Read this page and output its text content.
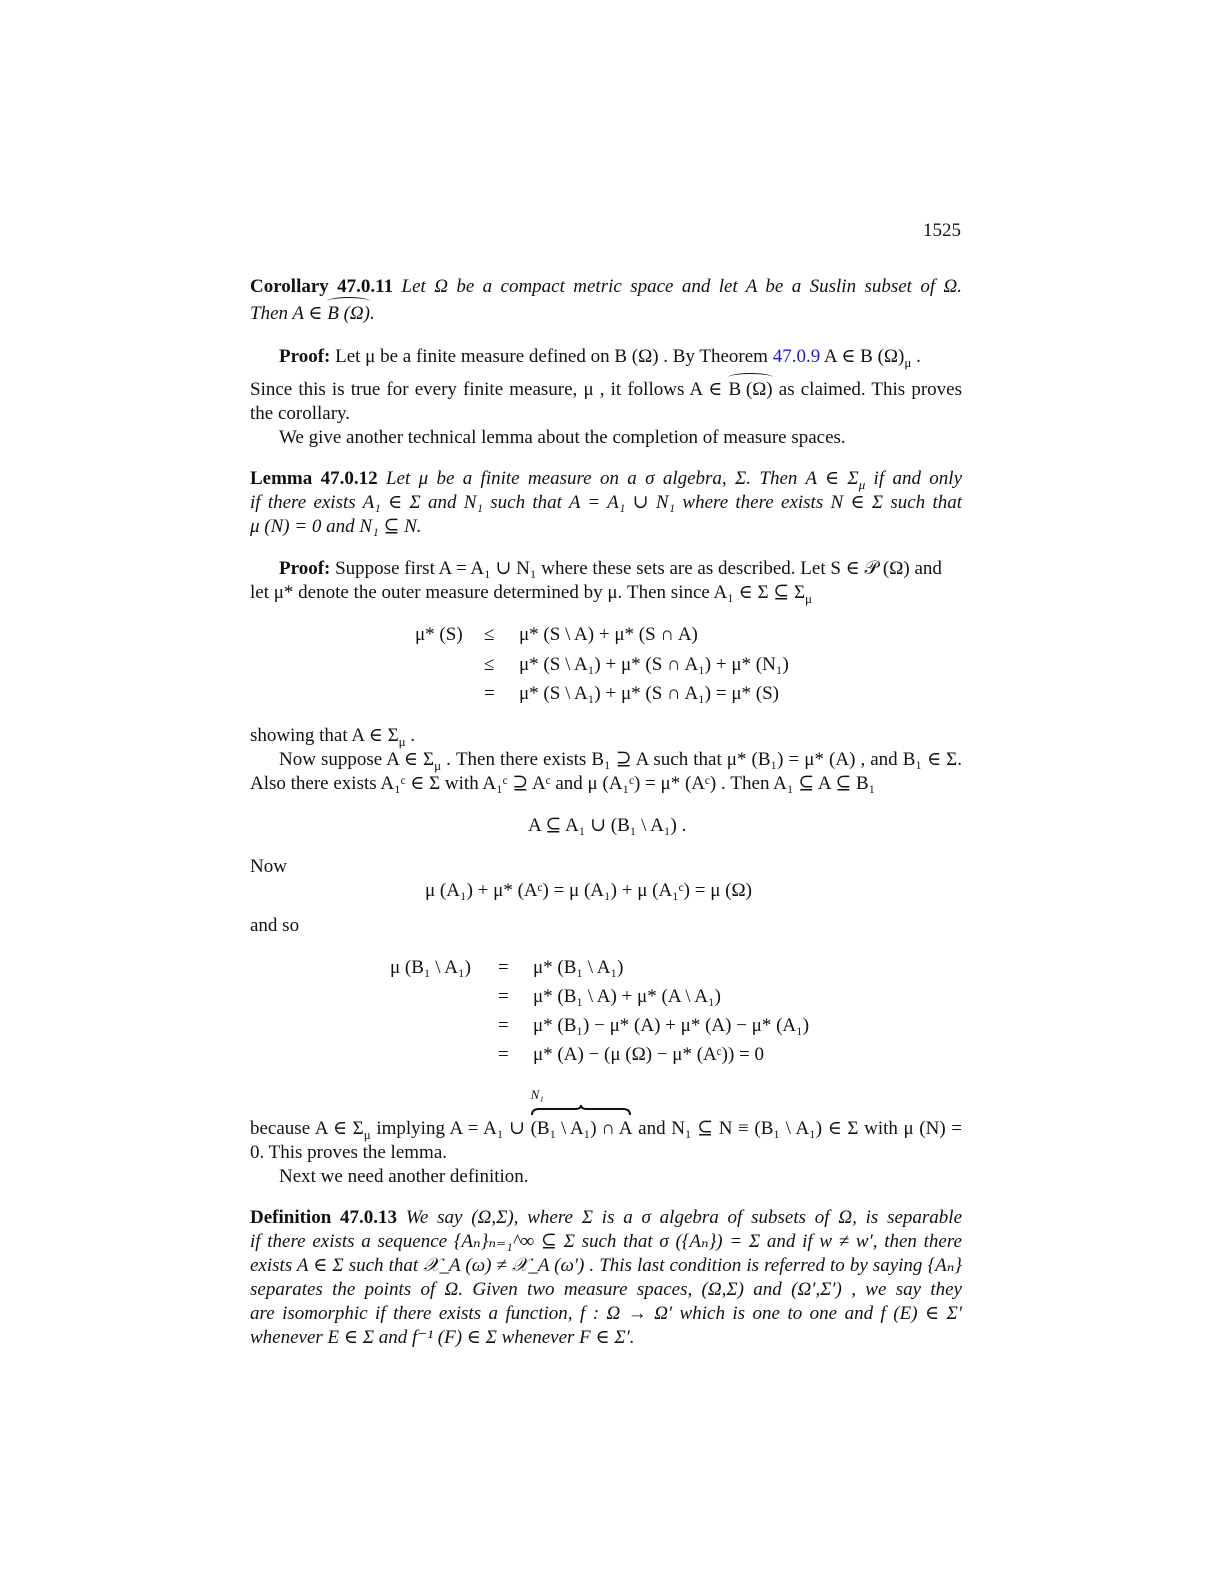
1525
Corollary 47.0.11 Let Ω be a compact metric space and let A be a Suslin subset of Ω.
Then A ∈ B (Ω).
Proof: Let μ be a finite measure defined on B (Ω) . By Theorem 47.0.9 A ∈ B $(\Omega)_\mu$ .
Since this is true for every finite measure, μ , it follows A ∈ B (Ω) as claimed. This proves
the corollary.
We give another technical lemma about the completion of measure spaces.
Lemma 47.0.12 Let μ be a finite measure on a σ algebra, Σ. Then A ∈ $\Sigma_\mu$ if and only
if there exists A₁ ∈ Σ and N₁ such that A = A₁ ∪ N₁ where there exists N ∈ Σ such that
μ (N) = 0 and N₁ ⊆ N.
Proof: Suppose first A = A₁ ∪ N₁ where these sets are as described. Let S ∈ 𝒫 (Ω) and
let μ* denote the outer measure determined by μ. Then since A₁ ∈ Σ ⊆ $\Sigma_\mu$
μ* (S) ≤ μ* (S \ A) + μ* (S ∩ A)
≤ μ* (S \ A₁) + μ* (S ∩ A₁) + μ* (N₁)
= μ* (S \ A₁) + μ* (S ∩ A₁) = μ* (S)
showing that A ∈ $\Sigma_\mu$ .
Now suppose A ∈ $\Sigma_\mu$ . Then there exists B₁ ⊇ A such that μ* (B₁) = μ* (A) , and B₁ ∈ Σ.
Also there exists A₁ᶜ ∈ Σ with A₁ᶜ ⊇ Aᶜ and μ (A₁ᶜ) = μ* (Aᶜ) . Then A₁ ⊆ A ⊆ B₁
A ⊆ A₁ ∪ (B₁ \ A₁) .
Now
μ (A₁) + μ* (Aᶜ) = μ (A₁) + μ (A₁ᶜ) = μ (Ω)
and so
μ (B₁ \ A₁) = μ* (B₁ \ A₁)
= μ* (B₁ \ A) + μ* (A \ A₁)
= μ* (B₁) − μ* (A) + μ* (A) − μ* (A₁)
= μ* (A) − (μ (Ω) − μ* (Aᶜ)) = 0
because A ∈ $\Sigma_\mu$ implying A = A₁ ∪
N₁
(B₁ \ A₁) ∩ A and N₁ ⊆ N ≡ (B₁ \ A₁) ∈ Σ with μ (N) =
0. This proves the lemma.
Next we need another definition.
Definition 47.0.13 We say (Ω,Σ), where Σ is a σ algebra of subsets of Ω, is separable
if there exists a sequence {Aₙ}ₙ₌₁^∞ ⊆ Σ such that σ ({Aₙ}) = Σ and if w ≠ w′, then there
exists A ∈ Σ such that 𝒳_A (ω) ≠ 𝒳_A (ω′) . This last condition is referred to by saying {Aₙ}
separates the points of Ω. Given two measure spaces, (Ω,Σ) and (Ω′,Σ′) , we say they
are isomorphic if there exists a function, f : Ω → Ω′ which is one to one and f (E) ∈ Σ′
whenever E ∈ Σ and f⁻¹ (F) ∈ Σ whenever F ∈ Σ′.
